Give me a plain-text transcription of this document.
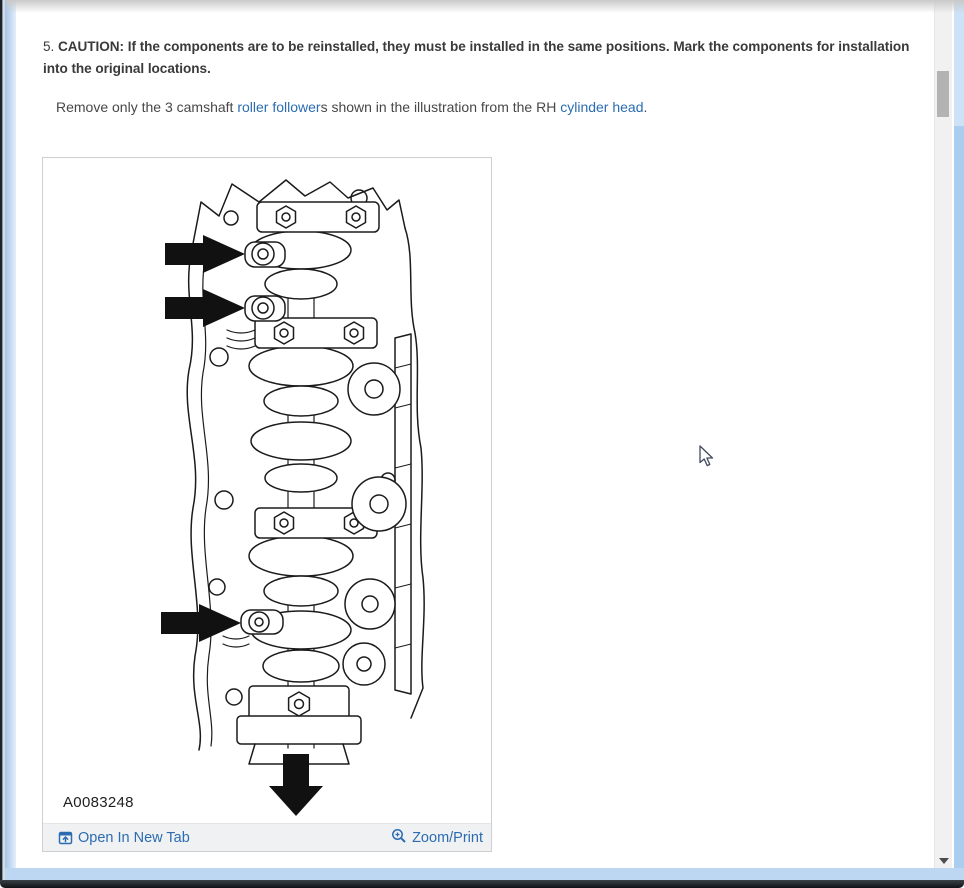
5. CAUTION: If the components are to be reinstalled, they must be installed in the same positions. Mark the components for installation into the original locations.

Remove only the 3 camshaft roller followers shown in the illustration from the RH cylinder head.

A0083248
Open In New Tab	Zoom/Print
